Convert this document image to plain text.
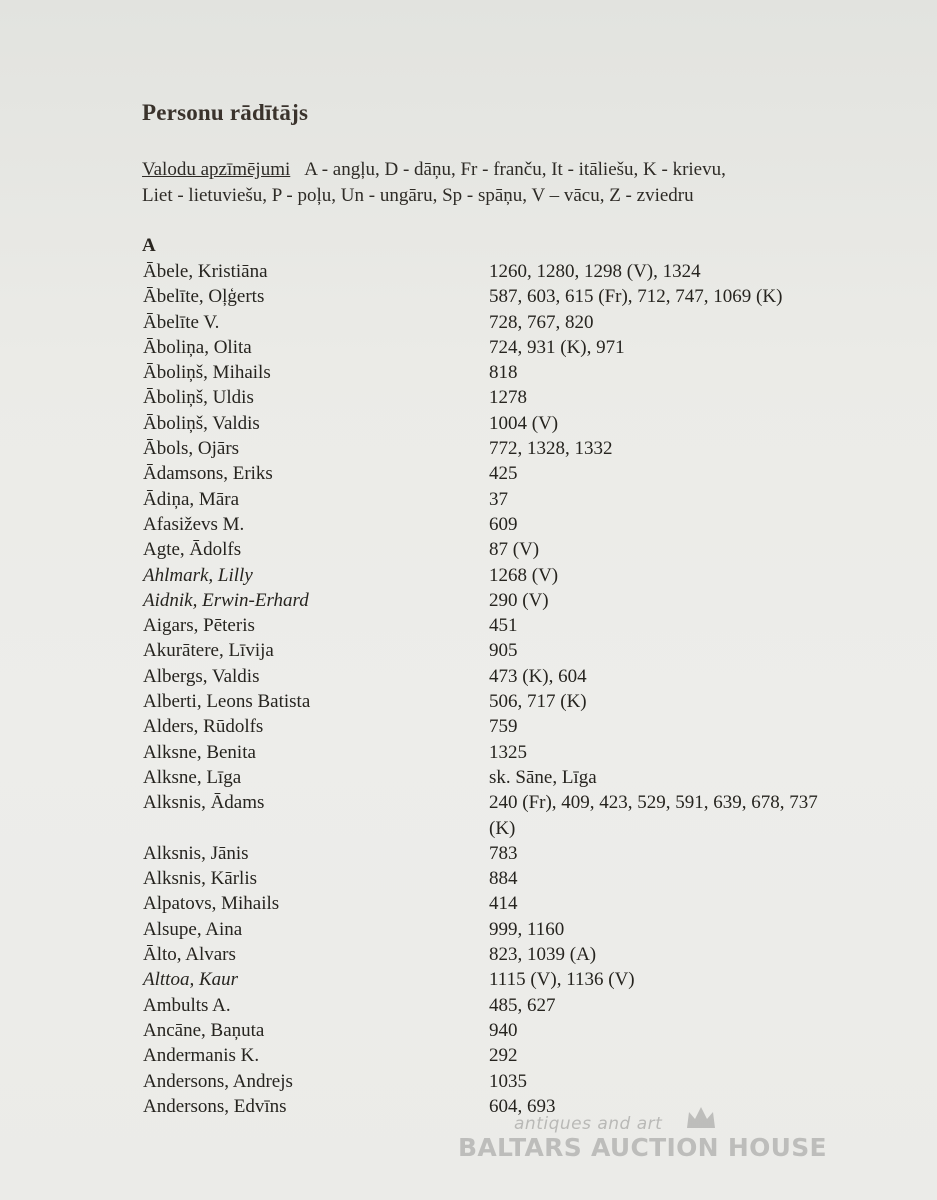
Personu rādītājs
Valodu apzīmējumi A - angļu, D - dāņu, Fr - franču, It - itāliešu, K - krievu,
Liet - lietuviešu, P - poļu, Un - ungāru, Sp - spāņu, V – vācu, Z - zviedru
A
Ābele, Kristiāna	1260, 1280, 1298 (V), 1324
Ābelīte, Oļģerts	587, 603, 615 (Fr), 712, 747, 1069 (K)
Ābelīte V.	728, 767, 820
Āboliņa, Olita	724, 931 (K), 971
Āboliņš, Mihails	818
Āboliņš, Uldis	1278
Āboliņš, Valdis	1004 (V)
Ābols, Ojārs	772, 1328, 1332
Ādamsons, Eriks	425
Ādiņa, Māra	37
Afasiževs M.	609
Agte, Ādolfs	87 (V)
Ahlmark, Lilly	1268 (V)
Aidnik, Erwin-Erhard	290 (V)
Aigars, Pēteris	451
Akurātere, Līvija	905
Albergs, Valdis	473 (K), 604
Alberti, Leons Batista	506, 717 (K)
Alders, Rūdolfs	759
Alksne, Benita	1325
Alksne, Līga	sk. Sāne, Līga
Alksnis, Ādams	240 (Fr), 409, 423, 529, 591, 639, 678, 737 (K)
Alksnis, Jānis	783
Alksnis, Kārlis	884
Alpatovs, Mihails	414
Alsupe, Aina	999, 1160
Ālto, Alvars	823, 1039 (A)
Alttoa, Kaur	1115 (V), 1136 (V)
Ambults A.	485, 627
Ancāne, Baņuta	940
Andermanis K.	292
Andersons, Andrejs	1035
Andersons, Edvīns	604, 693
antiques and art
BALTARS AUCTION HOUSE
